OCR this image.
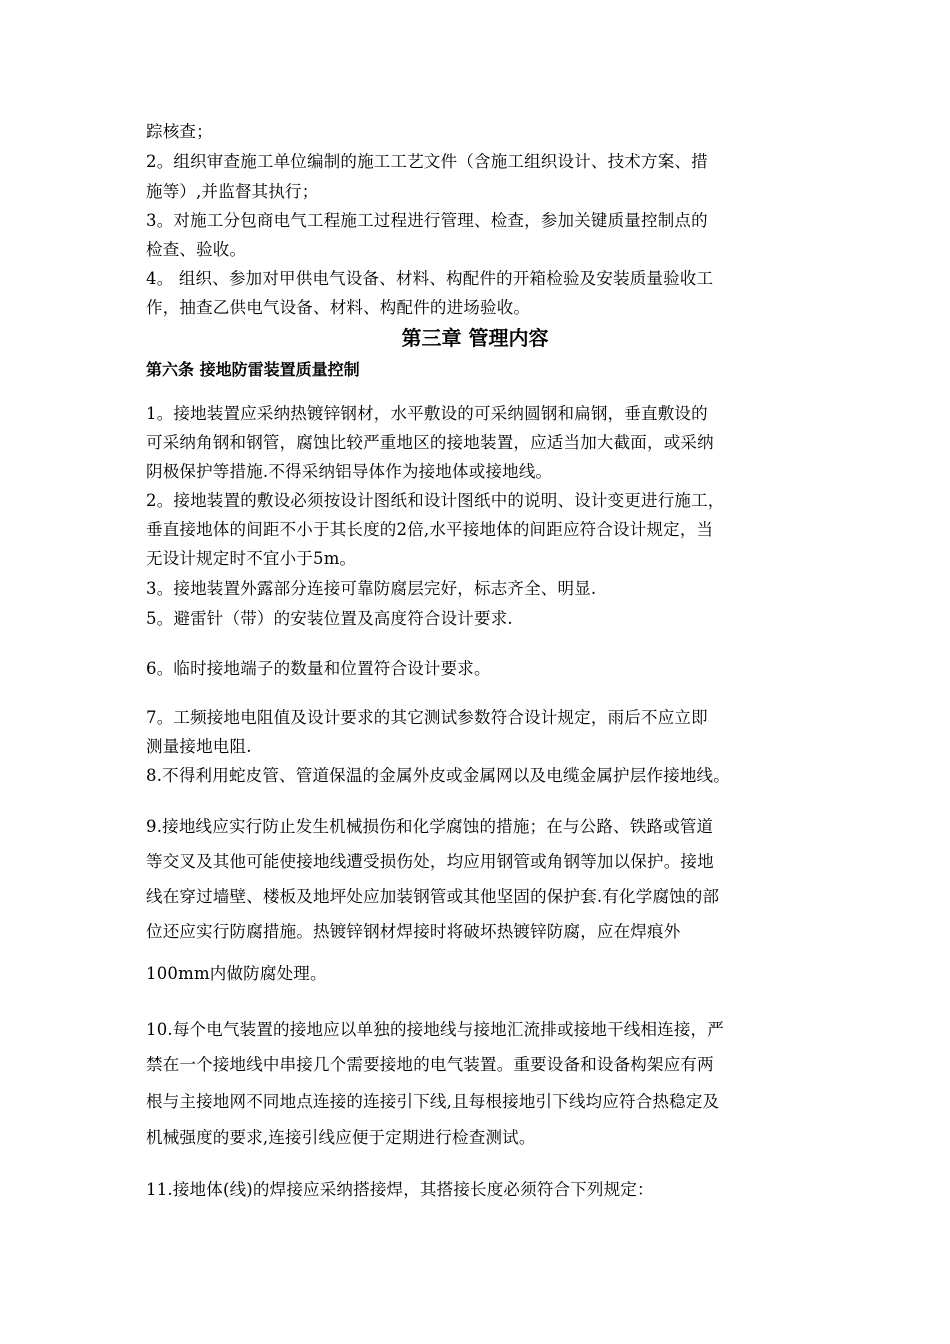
踪核查；
2。组织审查施工单位编制的施工工艺文件（含施工组织设计、技术方案、措
施等）,并监督其执行；
3。对施工分包商电气工程施工过程进行管理、检查，参加关键质量控制点的
检查、验收。
4。 组织、参加对甲供电气设备、材料、构配件的开箱检验及安装质量验收工
作，抽查乙供电气设备、材料、构配件的进场验收。
第三章 管理内容
第六条 接地防雷装置质量控制
1。接地装置应采纳热镀锌钢材，水平敷设的可采纳圆钢和扁钢，垂直敷设的
可采纳角钢和钢管，腐蚀比较严重地区的接地装置，应适当加大截面，或采纳
阴极保护等措施.不得采纳铝导体作为接地体或接地线。
2。接地装置的敷设必须按设计图纸和设计图纸中的说明、设计变更进行施工，
垂直接地体的间距不小于其长度的2倍,水平接地体的间距应符合设计规定，当
无设计规定时不宜小于5m。
3。接地装置外露部分连接可靠防腐层完好，标志齐全、明显.
5。避雷针（带）的安装位置及高度符合设计要求.
6。临时接地端子的数量和位置符合设计要求。
7。工频接地电阻值及设计要求的其它测试参数符合设计规定，雨后不应立即
测量接地电阻.
8.不得利用蛇皮管、管道保温的金属外皮或金属网以及电缆金属护层作接地线。
9.接地线应实行防止发生机械损伤和化学腐蚀的措施；在与公路、铁路或管道
等交叉及其他可能使接地线遭受损伤处，均应用钢管或角钢等加以保护。接地
线在穿过墙壁、楼板及地坪处应加装钢管或其他坚固的保护套.有化学腐蚀的部
位还应实行防腐措施。热镀锌钢材焊接时将破坏热镀锌防腐，应在焊痕外
100mm内做防腐处理。
10.每个电气装置的接地应以单独的接地线与接地汇流排或接地干线相连接，严
禁在一个接地线中串接几个需要接地的电气装置。重要设备和设备构架应有两
根与主接地网不同地点连接的连接引下线,且每根接地引下线均应符合热稳定及
机械强度的要求,连接引线应便于定期进行检查测试。
11.接地体(线)的焊接应采纳搭接焊，其搭接长度必须符合下列规定：
